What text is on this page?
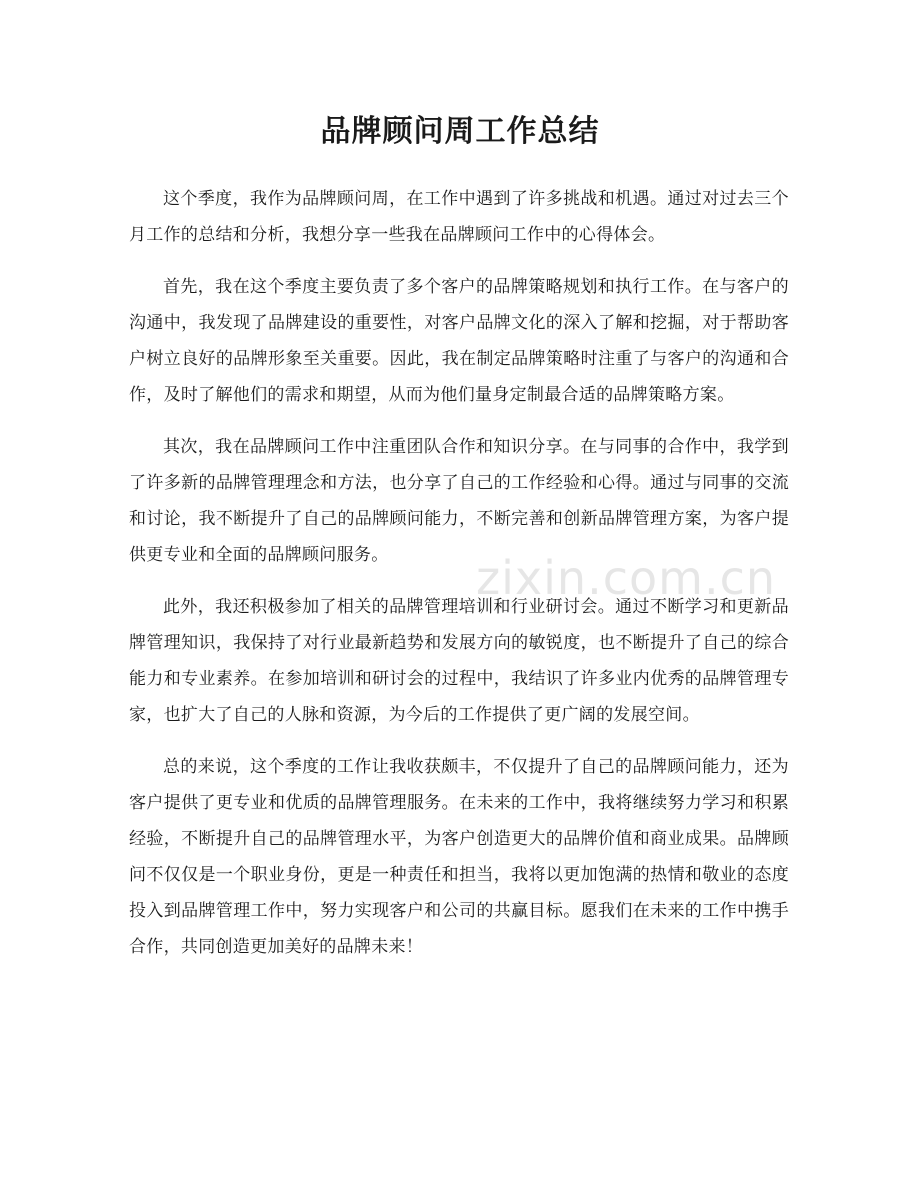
品牌顾问周工作总结

这个季度，我作为品牌顾问周，在工作中遇到了许多挑战和机遇。通过对过去三个月工作的总结和分析，我想分享一些我在品牌顾问工作中的心得体会。

首先，我在这个季度主要负责了多个客户的品牌策略规划和执行工作。在与客户的沟通中，我发现了品牌建设的重要性，对客户品牌文化的深入了解和挖掘，对于帮助客户树立良好的品牌形象至关重要。因此，我在制定品牌策略时注重了与客户的沟通和合作，及时了解他们的需求和期望，从而为他们量身定制最合适的品牌策略方案。

其次，我在品牌顾问工作中注重团队合作和知识分享。在与同事的合作中，我学到了许多新的品牌管理理念和方法，也分享了自己的工作经验和心得。通过与同事的交流和讨论，我不断提升了自己的品牌顾问能力，不断完善和创新品牌管理方案，为客户提供更专业和全面的品牌顾问服务。

此外，我还积极参加了相关的品牌管理培训和行业研讨会。通过不断学习和更新品牌管理知识，我保持了对行业最新趋势和发展方向的敏锐度，也不断提升了自己的综合能力和专业素养。在参加培训和研讨会的过程中，我结识了许多业内优秀的品牌管理专家，也扩大了自己的人脉和资源，为今后的工作提供了更广阔的发展空间。

总的来说，这个季度的工作让我收获颇丰，不仅提升了自己的品牌顾问能力，还为客户提供了更专业和优质的品牌管理服务。在未来的工作中，我将继续努力学习和积累经验，不断提升自己的品牌管理水平，为客户创造更大的品牌价值和商业成果。品牌顾问不仅仅是一个职业身份，更是一种责任和担当，我将以更加饱满的热情和敬业的态度投入到品牌管理工作中，努力实现客户和公司的共赢目标。愿我们在未来的工作中携手合作，共同创造更加美好的品牌未来！

zixin.com.cn
